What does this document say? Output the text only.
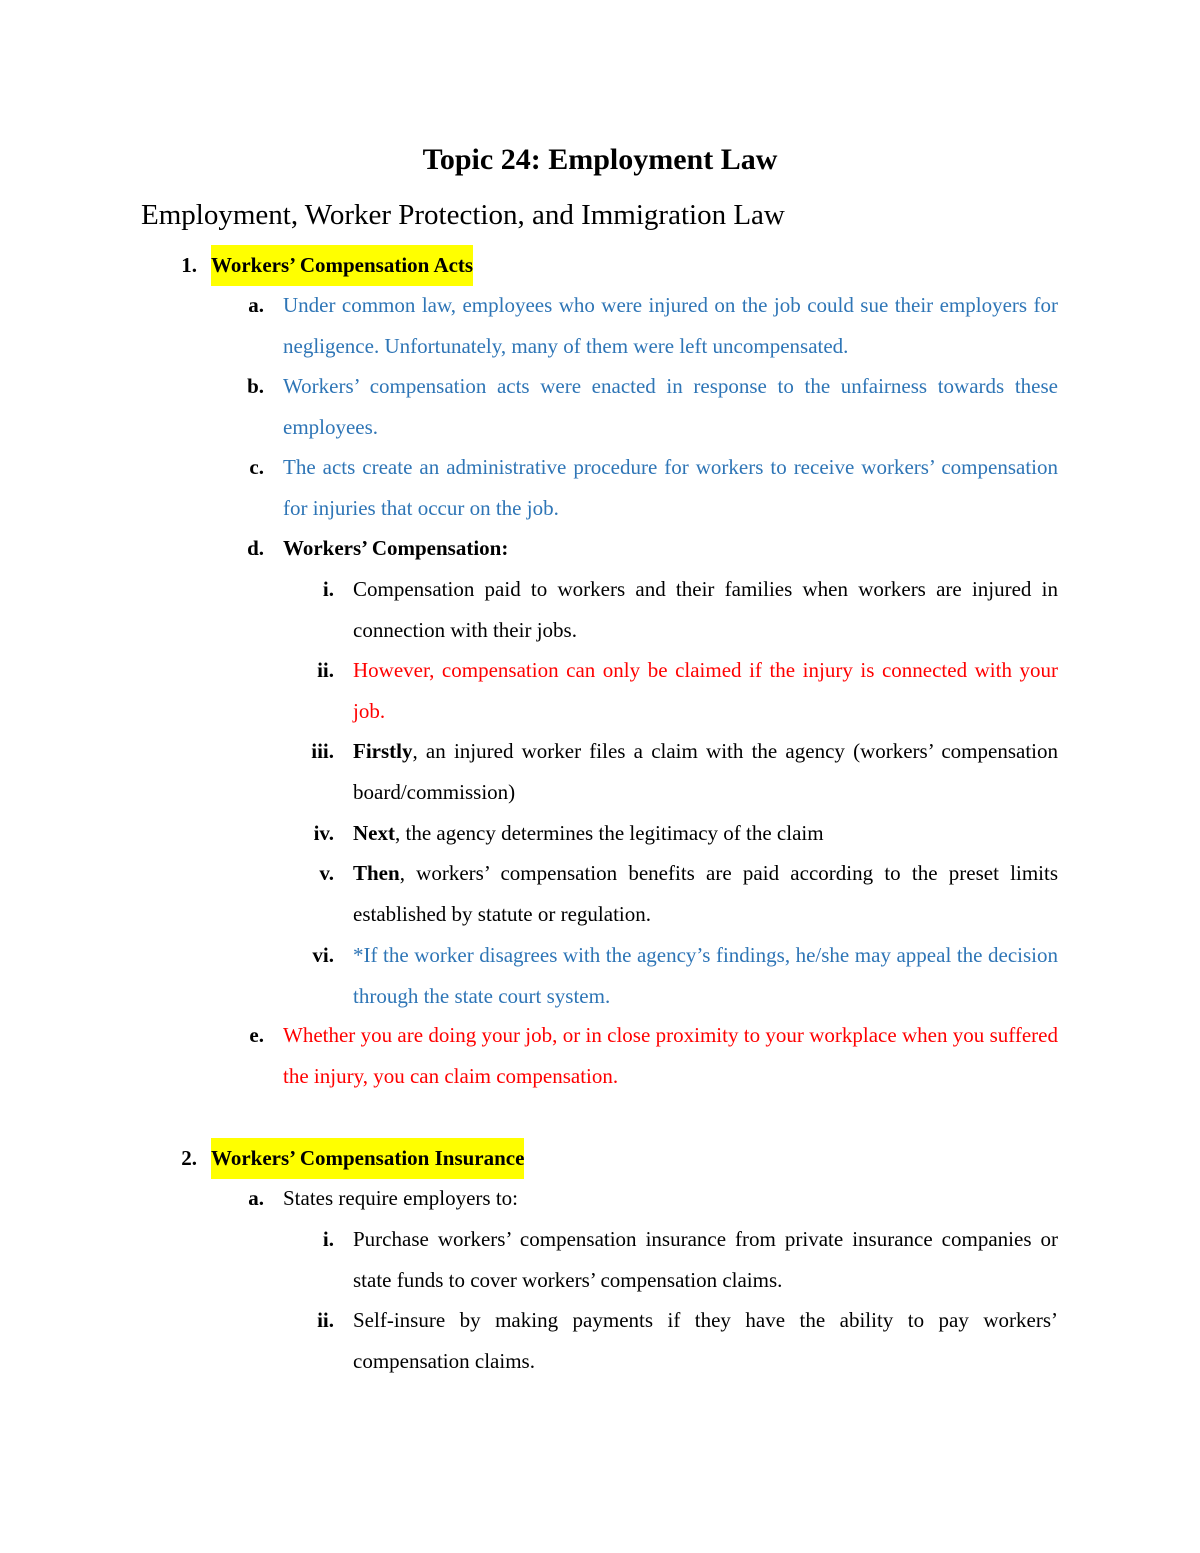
Topic 24: Employment Law
Employment, Worker Protection, and Immigration Law
1. Workers’ Compensation Acts
a. Under common law, employees who were injured on the job could sue their employers for negligence. Unfortunately, many of them were left uncompensated.
b. Workers’ compensation acts were enacted in response to the unfairness towards these employees.
c. The acts create an administrative procedure for workers to receive workers’ compensation for injuries that occur on the job.
d. Workers’ Compensation:
i. Compensation paid to workers and their families when workers are injured in connection with their jobs.
ii. However, compensation can only be claimed if the injury is connected with your job.
iii. Firstly, an injured worker files a claim with the agency (workers’ compensation board/commission)
iv. Next, the agency determines the legitimacy of the claim
v. Then, workers’ compensation benefits are paid according to the preset limits established by statute or regulation.
vi. *If the worker disagrees with the agency’s findings, he/she may appeal the decision through the state court system.
e. Whether you are doing your job, or in close proximity to your workplace when you suffered the injury, you can claim compensation.
2. Workers’ Compensation Insurance
a. States require employers to:
i. Purchase workers’ compensation insurance from private insurance companies or state funds to cover workers’ compensation claims.
ii. Self-insure by making payments if they have the ability to pay workers’ compensation claims.
